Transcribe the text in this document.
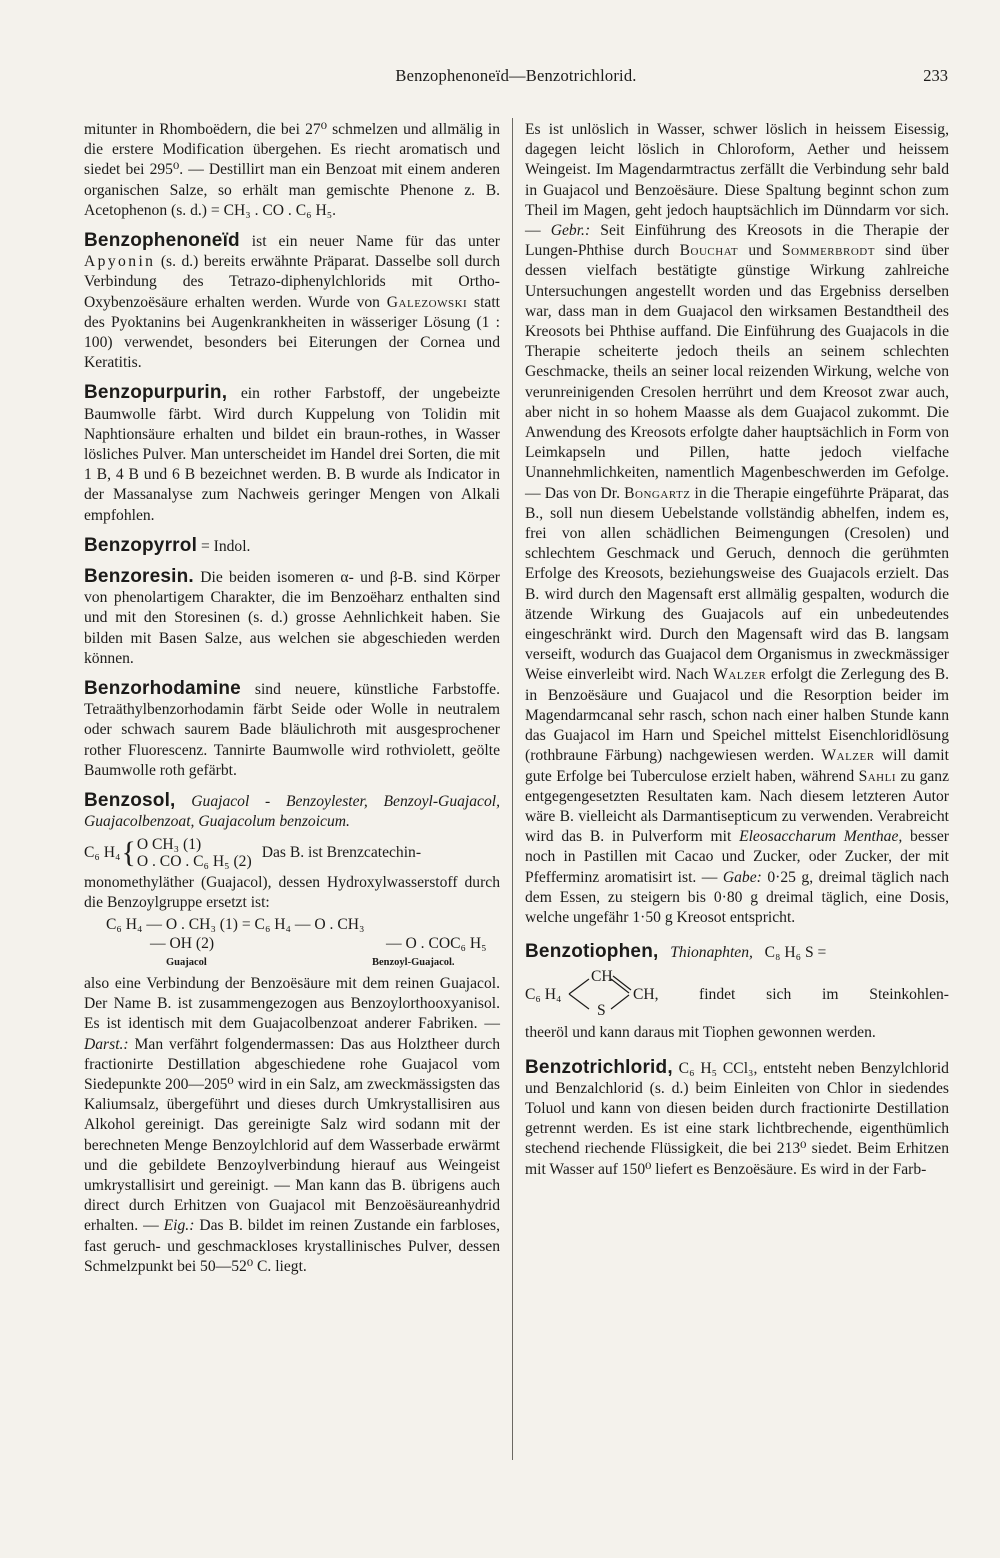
Benzophenoneïd—Benzotrichlorid.	233

mitunter in Rhomboëdern, die bei 27⁰ schmelzen und allmälig in die erstere Modification übergehen. Es riecht aromatisch und siedet bei 295⁰. — Destillirt man ein Benzoat mit einem anderen organischen Salze, so erhält man gemischte Phenone z. B. Acetophenon (s. d.) = CH₃ . CO . C₆ H₅.

Benzophenoneïd ist ein neuer Name für das unter Apyonin (s. d.) bereits erwähnte Präparat. Dasselbe soll durch Verbindung des Tetrazo-diphenylchlorids mit Ortho-Oxybenzoësäure erhalten werden. Wurde von Galezowski statt des Pyoktanins bei Augenkrankheiten in wässeriger Lösung (1 : 100) verwendet, besonders bei Eiterungen der Cornea und Keratitis.

Benzopurpurin, ein rother Farbstoff, der ungebeizte Baumwolle färbt. Wird durch Kuppelung von Tolidin mit Naphtionsäure erhalten und bildet ein braun-rothes, in Wasser lösliches Pulver. Man unterscheidet im Handel drei Sorten, die mit 1 B, 4 B und 6 B bezeichnet werden. B. B wurde als Indicator in der Massanalyse zum Nachweis geringer Mengen von Alkali empfohlen.

Benzopyrrol = Indol.

Benzoresin. Die beiden isomeren α- und β-B. sind Körper von phenolartigem Charakter, die im Benzoëharz enthalten sind und mit den Storesinen (s. d.) grosse Aehnlichkeit haben. Sie bilden mit Basen Salze, aus welchen sie abgeschieden werden können.

Benzorhodamine sind neuere, künstliche Farbstoffe. Tetraäthylbenzorhodamin färbt Seide oder Wolle in neutralem oder schwach saurem Bade bläulichroth mit ausgesprochener rother Fluorescenz. Tannirte Baumwolle wird rothviolett, geölte Baumwolle roth gefärbt.

Benzosol, Guajacol - Benzoylester, Benzoyl-Guajacol, Guajacolbenzoat, Guajacolum benzoicum.

C₆ H₄ { O CH₃ (1)
O . CO . C₆ H₅ (2) Das B. ist Brenzcatechin-

monomethyläther (Guajacol), dessen Hydroxylwasserstoff durch die Benzoylgruppe ersetzt ist:

C₆ H₄ — O . CH₃ (1) = C₆ H₄ — O . CH₃
— OH (2)	— O . COC₆ H₅
Guajacol	Benzoyl-Guajacol.

also eine Verbindung der Benzoësäure mit dem reinen Guajacol. Der Name B. ist zusammengezogen aus Benzoylorthooxyanisol. Es ist identisch mit dem Guajacolbenzoat anderer Fabriken. — Darst.: Man verfährt folgendermassen: Das aus Holztheer durch fractionirte Destillation abgeschiedene rohe Guajacol vom Siedepunkte 200—205⁰ wird in ein Salz, am zweckmässigsten das Kaliumsalz, übergeführt und dieses durch Umkrystallisiren aus Alkohol gereinigt. Das gereinigte Salz wird sodann mit der berechneten Menge Benzoylchlorid auf dem Wasserbade erwärmt und die gebildete Benzoylverbindung hierauf aus Weingeist umkrystallisirt und gereinigt. — Man kann das B. übrigens auch direct durch Erhitzen von Guajacol mit Benzoësäureanhydrid erhalten. — Eig.: Das B. bildet im reinen Zustande ein farbloses, fast geruch- und geschmackloses krystallinisches Pulver, dessen Schmelzpunkt bei 50—52⁰ C. liegt.

Es ist unlöslich in Wasser, schwer löslich in heissem Eisessig, dagegen leicht löslich in Chloroform, Aether und heissem Weingeist. Im Magendarmtractus zerfällt die Verbindung sehr bald in Guajacol und Benzoësäure. Diese Spaltung beginnt schon zum Theil im Magen, geht jedoch hauptsächlich im Dünndarm vor sich. — Gebr.: Seit Einführung des Kreosots in die Therapie der Lungen-Phthise durch Bouchat und Sommerbrodt sind über dessen vielfach bestätigte günstige Wirkung zahlreiche Untersuchungen angestellt worden und das Ergebniss derselben war, dass man in dem Guajacol den wirksamen Bestandtheil des Kreosots bei Phthise auffand. Die Einführung des Guajacols in die Therapie scheiterte jedoch theils an seinem schlechten Geschmacke, theils an seiner local reizenden Wirkung, welche von verunreinigenden Cresolen herrührt und dem Kreosot zwar auch, aber nicht in so hohem Maasse als dem Guajacol zukommt. Die Anwendung des Kreosots erfolgte daher hauptsächlich in Form von Leimkapseln und Pillen, hatte jedoch vielfache Unannehmlichkeiten, namentlich Magenbeschwerden im Gefolge. — Das von Dr. Bongartz in die Therapie eingeführte Präparat, das B., soll nun diesem Uebelstande vollständig abhelfen, indem es, frei von allen schädlichen Beimengungen (Cresolen) und schlechtem Geschmack und Geruch, dennoch die gerühmten Erfolge des Kreosots, beziehungsweise des Guajacols erzielt. Das B. wird durch den Magensaft erst allmälig gespalten, wodurch die ätzende Wirkung des Guajacols auf ein unbedeutendes eingeschränkt wird. Durch den Magensaft wird das B. langsam verseift, wodurch das Guajacol dem Organismus in zweckmässiger Weise einverleibt wird. Nach Walzer erfolgt die Zerlegung des B. in Benzoësäure und Guajacol und die Resorption beider im Magendarmcanal sehr rasch, schon nach einer halben Stunde kann das Guajacol im Harn und Speichel mittelst Eisenchloridlösung (rothbraune Färbung) nachgewiesen werden. Walzer will damit gute Erfolge bei Tuberculose erzielt haben, während Sahli zu ganz entgegengesetzten Resultaten kam. Nach diesem letzteren Autor wäre B. vielleicht als Darmantisepticum zu verwenden. Verabreicht wird das B. in Pulverform mit Eleosaccharum Menthae, besser noch in Pastillen mit Cacao und Zucker, oder Zucker, der mit Pfefferminz aromatisirt ist. — Gabe: 0·25 g, dreimal täglich nach dem Essen, zu steigern bis 0·80 g dreimal täglich, eine Dosis, welche ungefähr 1·50 g Kreosot entspricht.

Benzotiophen, Thionaphten, C₈ H₆ S =

C₆ H₄
CH
S
CH,	findet sich im Steinkohlen-

theeröl und kann daraus mit Tiophen gewonnen werden.

Benzotrichlorid, C₆ H₅ CCl₃, entsteht neben Benzylchlorid und Benzalchlorid (s. d.) beim Einleiten von Chlor in siedendes Toluol und kann von diesen beiden durch fractionirte Destillation getrennt werden. Es ist eine stark lichtbrechende, eigenthümlich stechend riechende Flüssigkeit, die bei 213⁰ siedet. Beim Erhitzen mit Wasser auf 150⁰ liefert es Benzoësäure. Es wird in der Farb-
